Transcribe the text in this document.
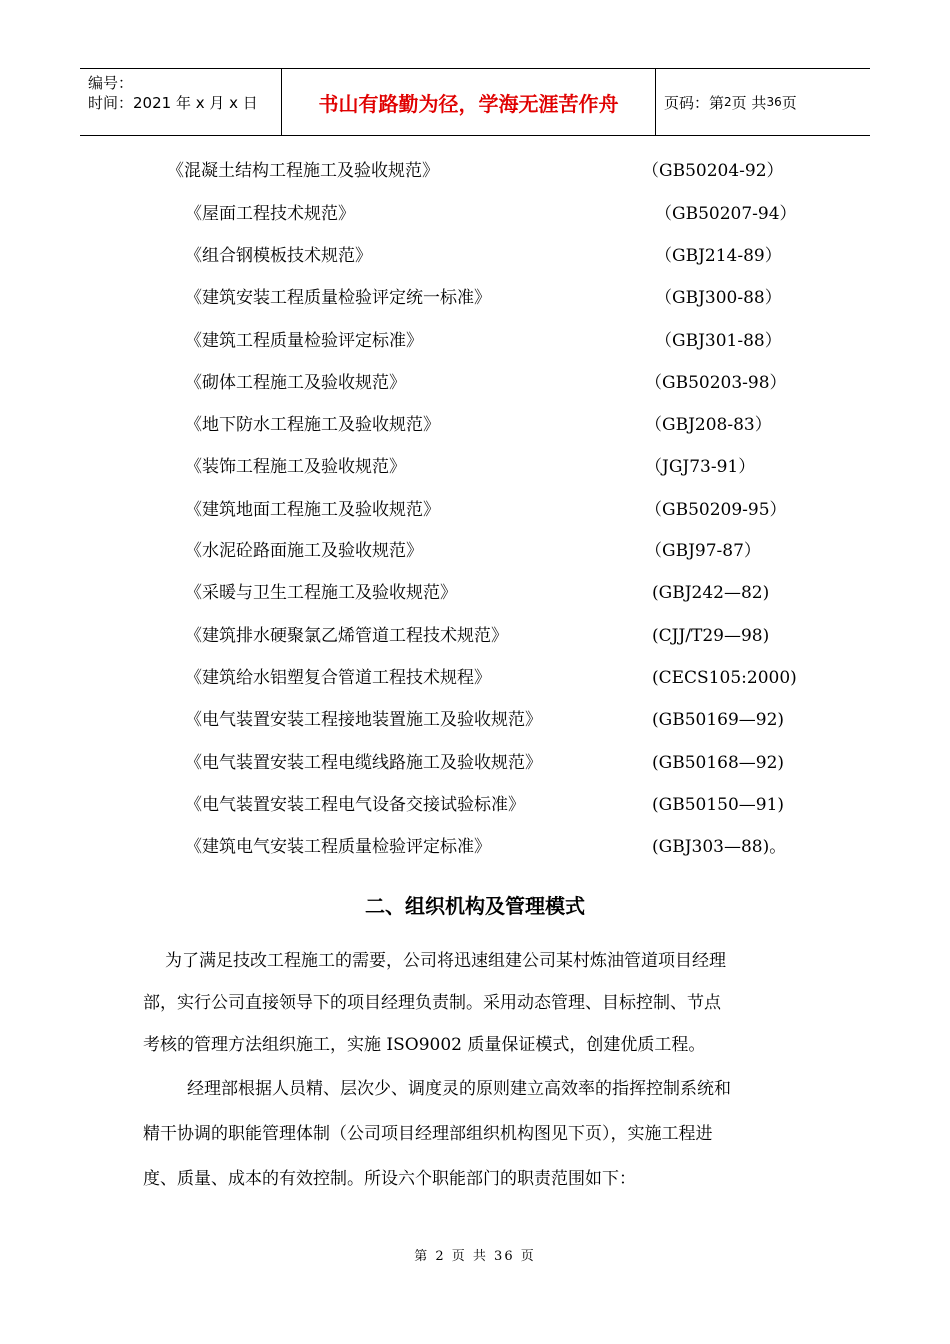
编号：
时间：2021 年 x 月 x 日	书山有路勤为径，学海无涯苦作舟	页码：第 2 页 共 36 页
《混凝土结构工程施工及验收规范》	（GB50204-92）
《屋面工程技术规范》	（GB50207-94）
《组合钢模板技术规范》	（GBJ214-89）
《建筑安装工程质量检验评定统一标准》	（GBJ300-88）
《建筑工程质量检验评定标准》	（GBJ301-88）
《砌体工程施工及验收规范》	（GB50203-98）
《地下防水工程施工及验收规范》	（GBJ208-83）
《装饰工程施工及验收规范》	（JGJ73-91）
《建筑地面工程施工及验收规范》	（GB50209-95）
《水泥砼路面施工及验收规范》	（GBJ97-87）
《采暖与卫生工程施工及验收规范》	(GBJ242—82)
《建筑排水硬聚氯乙烯管道工程技术规范》	(CJJ/T29—98)
《建筑给水铝塑复合管道工程技术规程》	(CECS105:2000)
《电气装置安装工程接地装置施工及验收规范》	(GB50169—92)
《电气装置安装工程电缆线路施工及验收规范》	(GB50168—92)
《电气装置安装工程电气设备交接试验标准》	(GB50150—91)
《建筑电气安装工程质量检验评定标准》	(GBJ303—88)。
二、组织机构及管理模式
为了满足技改工程施工的需要，公司将迅速组建公司某村炼油管道项目经理
部，实行公司直接领导下的项目经理负责制。采用动态管理、目标控制、节点
考核的管理方法组织施工，实施 ISO9002 质量保证模式，创建优质工程。
经理部根据人员精、层次少、调度灵的原则建立高效率的指挥控制系统和
精干协调的职能管理体制（公司项目经理部组织机构图见下页），实施工程进
度、质量、成本的有效控制。所设六个职能部门的职责范围如下：
第 2 页 共 36 页
